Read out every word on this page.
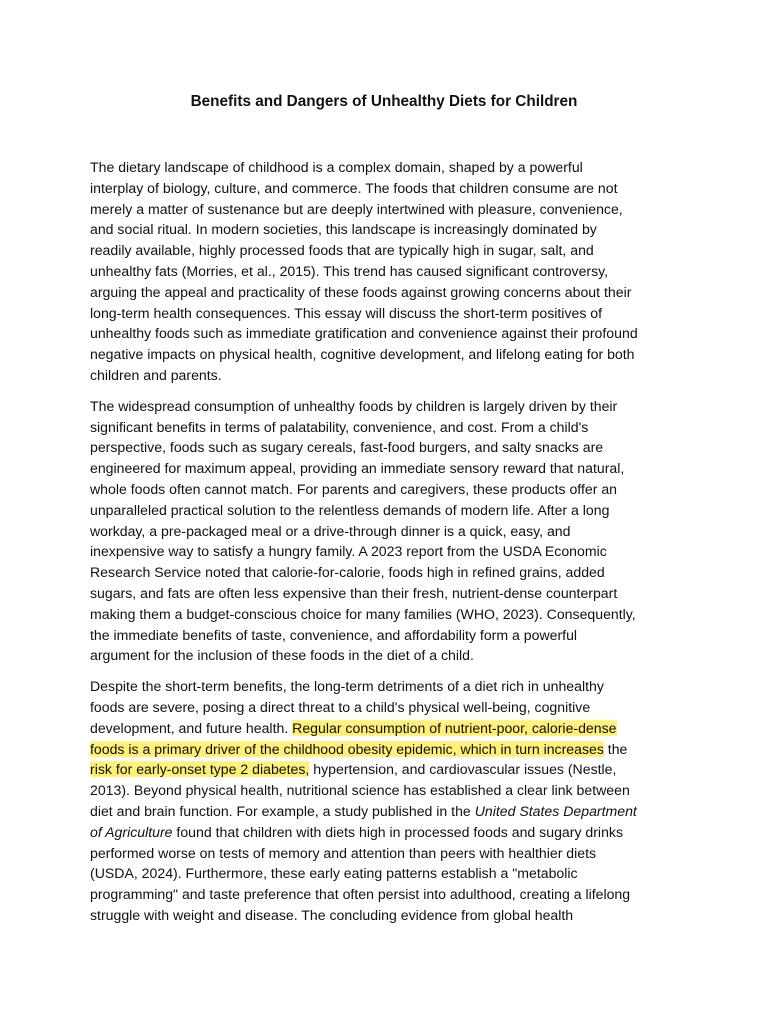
Benefits and Dangers of Unhealthy Diets for Children

The dietary landscape of childhood is a complex domain, shaped by a powerful
interplay of biology, culture, and commerce. The foods that children consume are not
merely a matter of sustenance but are deeply intertwined with pleasure, convenience,
and social ritual. In modern societies, this landscape is increasingly dominated by
readily available, highly processed foods that are typically high in sugar, salt, and
unhealthy fats (Morries, et al., 2015). This trend has caused significant controversy,
arguing the appeal and practicality of these foods against growing concerns about their
long-term health consequences. This essay will discuss the short-term positives of
unhealthy foods such as immediate gratification and convenience against their profound
negative impacts on physical health, cognitive development, and lifelong eating for both
children and parents.

The widespread consumption of unhealthy foods by children is largely driven by their
significant benefits in terms of palatability, convenience, and cost. From a child's
perspective, foods such as sugary cereals, fast-food burgers, and salty snacks are
engineered for maximum appeal, providing an immediate sensory reward that natural,
whole foods often cannot match. For parents and caregivers, these products offer an
unparalleled practical solution to the relentless demands of modern life. After a long
workday, a pre-packaged meal or a drive-through dinner is a quick, easy, and
inexpensive way to satisfy a hungry family. A 2023 report from the USDA Economic
Research Service noted that calorie-for-calorie, foods high in refined grains, added
sugars, and fats are often less expensive than their fresh, nutrient-dense counterpart
making them a budget-conscious choice for many families (WHO, 2023). Consequently,
the immediate benefits of taste, convenience, and affordability form a powerful
argument for the inclusion of these foods in the diet of a child.

Despite the short-term benefits, the long-term detriments of a diet rich in unhealthy
foods are severe, posing a direct threat to a child's physical well-being, cognitive
development, and future health. Regular consumption of nutrient-poor, calorie-dense
foods is a primary driver of the childhood obesity epidemic, which in turn increases the
risk for early-onset type 2 diabetes, hypertension, and cardiovascular issues (Nestle,
2013). Beyond physical health, nutritional science has established a clear link between
diet and brain function. For example, a study published in the United States Department
of Agriculture found that children with diets high in processed foods and sugary drinks
performed worse on tests of memory and attention than peers with healthier diets
(USDA, 2024). Furthermore, these early eating patterns establish a "metabolic
programming" and taste preference that often persist into adulthood, creating a lifelong
struggle with weight and disease. The concluding evidence from global health
